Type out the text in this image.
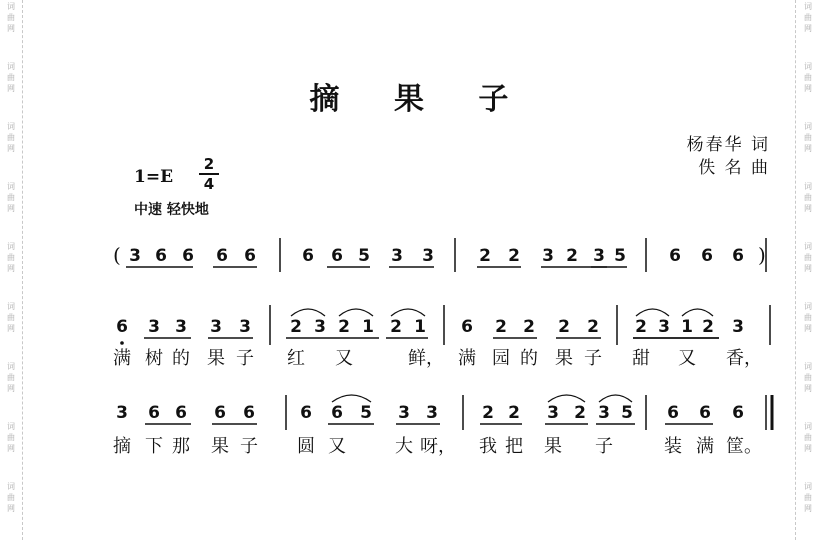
词
曲
网
词
曲
网
词
曲
网
词
曲
网
词
曲
网
词
曲
网
词
曲
网
词
曲
网
词
曲
网
词
曲
网
词
曲
网
词
曲
网
词
曲
网
词
曲
网
词
曲
网
词
曲
网
词
曲
网
词
曲
网
摘 果 子
杨春华 词
佚 名 曲
1=E
2
4
中速 轻快地
3 6 6 6 6	6 6 5 3 3	2 2 3 2 3 5	6 6 6
(	)
6 3 3 3 3 2 3 2 1 2 1 6 2 2 2 2 2 3 1 2 3
满 树 的 果 子 红 又	鲜， 满 园 的 果 子 甜 又 香，
3 6 6 6 6	6 6 5 3 3	2 2 3 2 3 5 6 6 6
摘 下 那 果 子 圆 又	大 呀， 我 把 果 子	装 满 筐。
